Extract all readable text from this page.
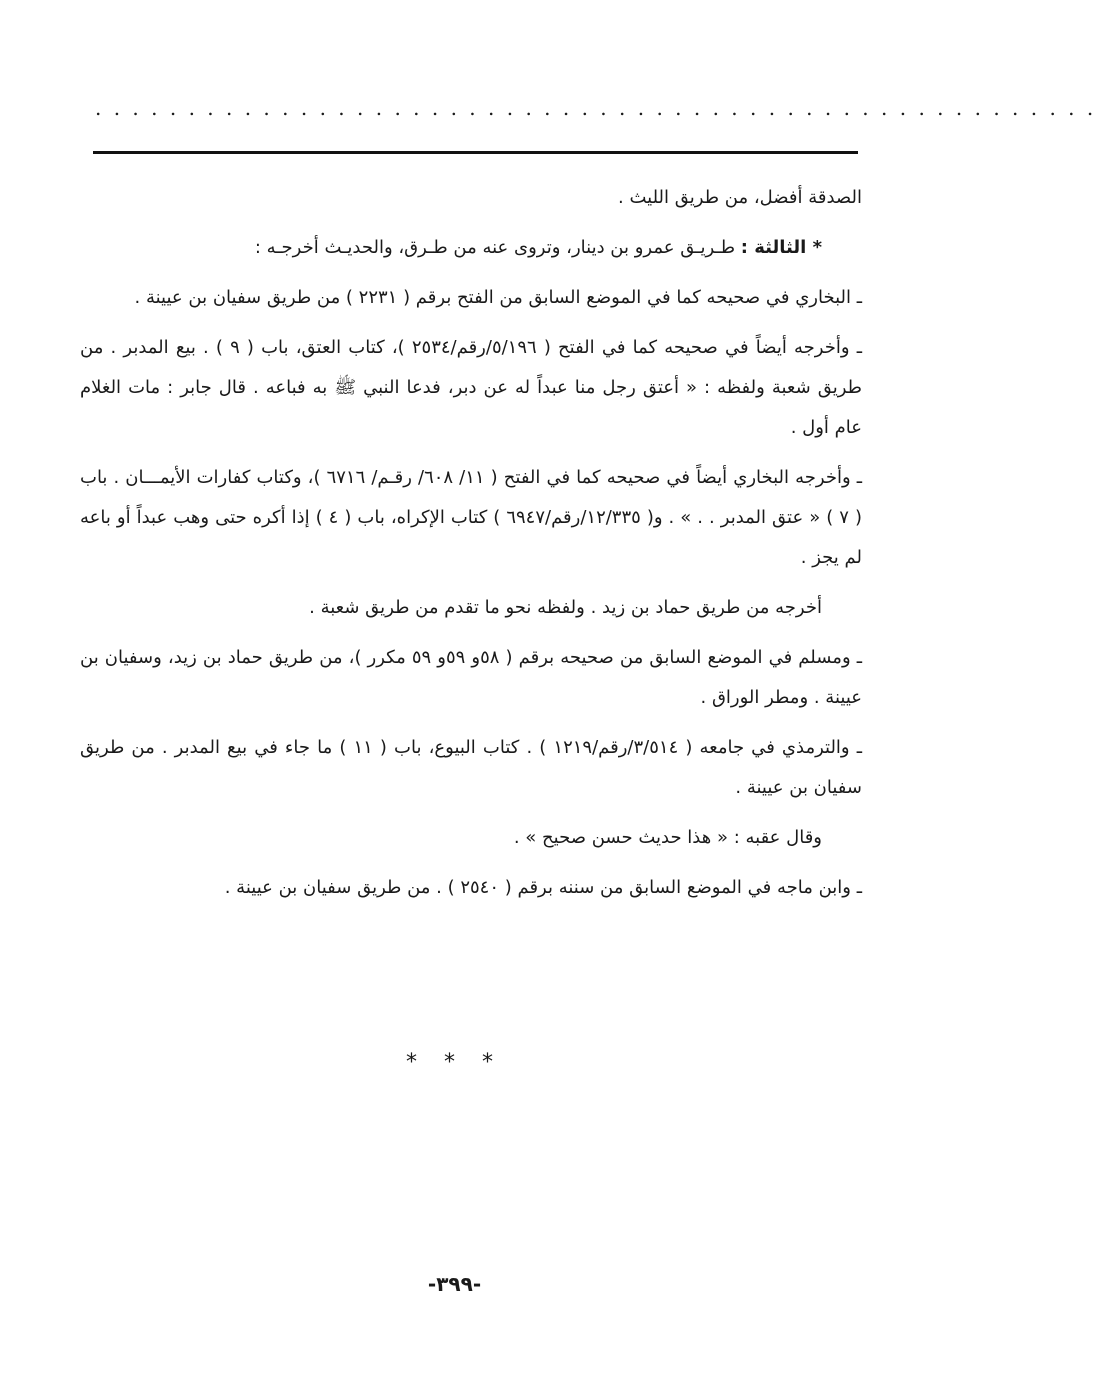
. . . . . . . . . . . . . . . . . . . . . . . . . . . . . . . . . . . . . . . . . . . . . . . . . . . . . .

الصدقة أفضل، من طريق الليث .

* الثالثة : طـريـق عمرو بن دينار، وتروى عنه من طـرق، والحديـث أخرجـه :

ـ البخاري في صحيحه كما في الموضع السابق من الفتح برقم ( ٢٢٣١ ) من طريق سفيان بن عيينة .

ـ وأخرجه أيضاً في صحيحه كما في الفتح ( ٥/١٩٦/رقم/٢٥٣٤ )، كتاب العتق، باب ( ٩ ) . بيع المدبر . من طريق شعبة ولفظه : « أعتق رجل منا عبداً له عن دبر، فدعا النبي ﷺ به فباعه . قال جابر : مات الغلام عام أول .

ـ وأخرجه البخاري أيضاً في صحيحه كما في الفتح ( ١١/ ٦٠٨/ رقـم/ ٦٧١٦ )، وكتاب كفارات الأيمـــان . باب ( ٧ ) « عتق المدبر . . » . و( ١٢/٣٣٥/رقم/٦٩٤٧ ) كتاب الإكراه، باب ( ٤ ) إذا أكره حتى وهب عبداً أو باعه لم يجز .

أخرجه من طريق حماد بن زيد . ولفظه نحو ما تقدم من طريق شعبة .

ـ ومسلم في الموضع السابق من صحيحه برقم ( ٥٨و ٥٩و ٥٩ مكرر )، من طريق حماد بن زيد، وسفيان بن عيينة . ومطر الوراق .

ـ والترمذي في جامعه ( ٣/٥١٤/رقم/١٢١٩ ) . كتاب البيوع، باب ( ١١ ) ما جاء في بيع المدبر . من طريق سفيان بن عيينة .

وقال عقبه : « هذا حديث حسن صحيح » .

ـ وابن ماجه في الموضع السابق من سننه برقم ( ٢٥٤٠ ) . من طريق سفيان بن عيينة .

* * *
-٣٩٩-
